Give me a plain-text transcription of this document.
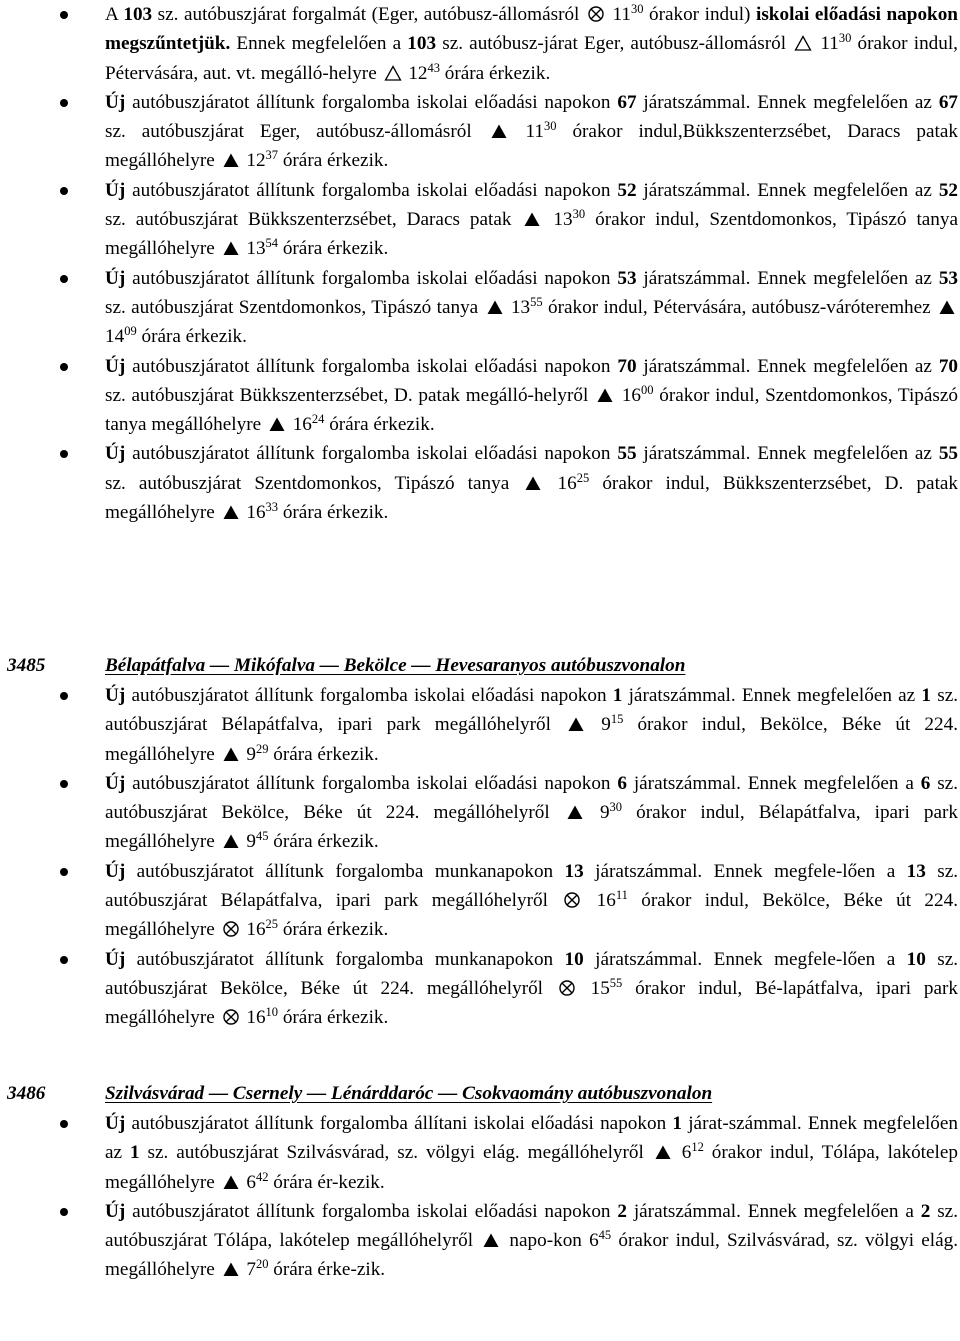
A 103 sz. autóbuszjárat forgalmát (Eger, autóbusz-állomásról  $11^{30}$ órakor indul) iskolai előadási napokon megszűntetjük. Ennek megfelelően a 103 sz. autóbusz-járat Eger, autóbusz-állomásról  $11^{30}$ órakor indul, Pétervására, aut. vt. megálló-helyre  $12^{43}$ órára érkezik.
Új autóbuszjáratot állítunk forgalomba iskolai előadási napokon 67 járatszámmal. Ennek megfelelően az 67 sz. autóbuszjárat Eger, autóbusz-állomásról  $11^{30}$ órakor indul,Bükkszenterzsébet, Daracs patak megállóhelyre  $12^{37}$ órára érkezik.
Új autóbuszjáratot állítunk forgalomba iskolai előadási napokon 52 járatszámmal. Ennek megfelelően az 52 sz. autóbuszjárat Bükkszenterzsébet, Daracs patak  $13^{30}$ órakor indul, Szentdomonkos, Tipászó tanya megállóhelyre  $13^{54}$ órára érkezik.
Új autóbuszjáratot állítunk forgalomba iskolai előadási napokon 53 járatszámmal. Ennek megfelelően az 53 sz. autóbuszjárat Szentdomonkos, Tipászó tanya  $13^{55}$ órakor indul, Pétervására, autóbusz-váróteremhez  $14^{09}$ órára érkezik.
Új autóbuszjáratot állítunk forgalomba iskolai előadási napokon 70 járatszámmal. Ennek megfelelően az 70 sz. autóbuszjárat Bükkszenterzsébet, D. patak megálló-helyről  $16^{00}$ órakor indul, Szentdomonkos, Tipászó tanya megállóhelyre  $16^{24}$ órára érkezik.
Új autóbuszjáratot állítunk forgalomba iskolai előadási napokon 55 járatszámmal. Ennek megfelelően az 55 sz. autóbuszjárat Szentdomonkos, Tipászó tanya  $16^{25}$ órakor indul, Bükkszenterzsébet, D. patak megállóhelyre  $16^{33}$ órára érkezik.
3485	Bélapátfalva — Mikófalva — Bekölce — Hevesaranyos autóbuszvonalon
Új autóbuszjáratot állítunk forgalomba iskolai előadási napokon 1 járatszámmal. Ennek megfelelően az 1 sz. autóbuszjárat Bélapátfalva, ipari park megállóhelyről  $9^{15}$ órakor indul, Bekölce, Béke út 224. megállóhelyre  $9^{29}$ órára érkezik.
Új autóbuszjáratot állítunk forgalomba iskolai előadási napokon 6 járatszámmal. Ennek megfelelően a 6 sz. autóbuszjárat Bekölce, Béke út 224. megállóhelyről  $9^{30}$ órakor indul, Bélapátfalva, ipari park megállóhelyre  $9^{45}$ órára érkezik.
Új autóbuszjáratot állítunk forgalomba munkanapokon 13 járatszámmal. Ennek megfele-lően a 13 sz. autóbuszjárat Bélapátfalva, ipari park megállóhelyről  $16^{11}$ órakor indul, Bekölce, Béke út 224. megállóhelyre  $16^{25}$ órára érkezik.
Új autóbuszjáratot állítunk forgalomba munkanapokon 10 járatszámmal. Ennek megfele-lően a 10 sz. autóbuszjárat Bekölce, Béke út 224. megállóhelyről  $15^{55}$ órakor indul, Bé-lapátfalva, ipari park megállóhelyre  $16^{10}$ órára érkezik.
3486	Szilvásvárad — Csernely — Lénárddaróc — Csokvaomány autóbuszvonalon
Új autóbuszjáratot állítunk forgalomba állítani iskolai előadási napokon 1 járat-számmal. Ennek megfelelően az 1 sz. autóbuszjárat Szilvásvárad, sz. völgyi elág. megállóhelyről  $6^{12}$ órakor indul, Tólápa, lakótelep megállóhelyre  $6^{42}$ órára ér-kezik.
Új autóbuszjáratot állítunk forgalomba iskolai előadási napokon 2 járatszámmal. Ennek megfelelően a 2 sz. autóbuszjárat Tólápa, lakótelep megállóhelyről  napo-kon $6^{45}$ órakor indul, Szilvásvárad, sz. völgyi elág. megállóhelyre  $7^{20}$ órára érke-zik.
